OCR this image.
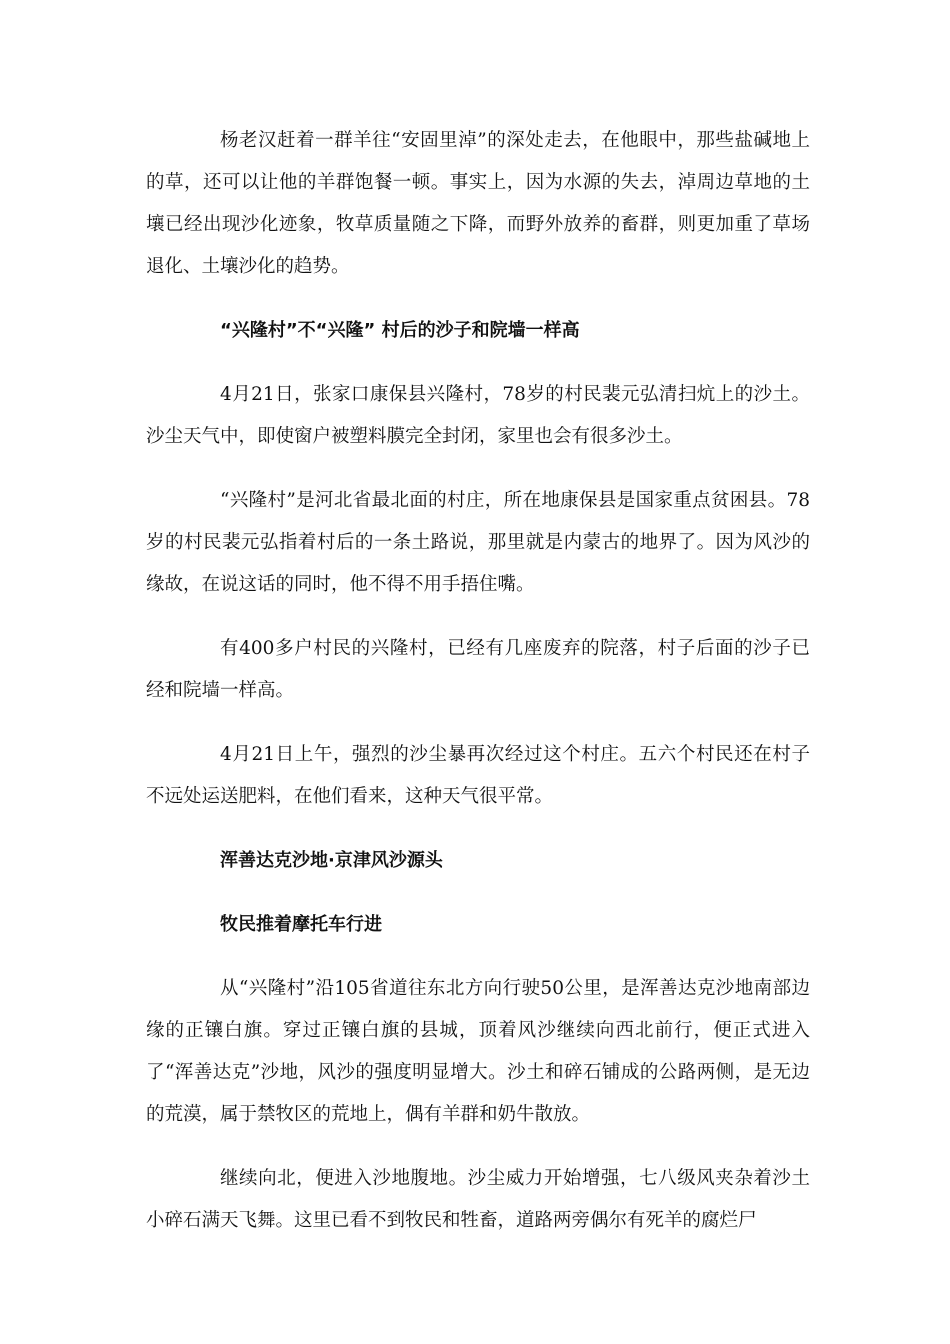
杨老汉赶着一群羊往“安固里淖”的深处走去，在他眼中，那些盐碱地上的草，还可以让他的羊群饱餐一顿。事实上，因为水源的失去，淖周边草地的土壤已经出现沙化迹象，牧草质量随之下降，而野外放养的畜群，则更加重了草场退化、土壤沙化的趋势。

“兴隆村”不“兴隆” 村后的沙子和院墙一样高

4月21日，张家口康保县兴隆村，78岁的村民裴元弘清扫炕上的沙土。沙尘天气中，即使窗户被塑料膜完全封闭，家里也会有很多沙土。

“兴隆村”是河北省最北面的村庄，所在地康保县是国家重点贫困县。78岁的村民裴元弘指着村后的一条土路说，那里就是内蒙古的地界了。因为风沙的缘故，在说这话的同时，他不得不用手捂住嘴。

有400多户村民的兴隆村，已经有几座废弃的院落，村子后面的沙子已经和院墙一样高。

4月21日上午，强烈的沙尘暴再次经过这个村庄。五六个村民还在村子不远处运送肥料，在他们看来，这种天气很平常。

浑善达克沙地·京津风沙源头
牧民推着摩托车行进

从“兴隆村”沿105省道往东北方向行驶50公里，是浑善达克沙地南部边缘的正镶白旗。穿过正镶白旗的县城，顶着风沙继续向西北前行，便正式进入了“浑善达克”沙地，风沙的强度明显增大。沙土和碎石铺成的公路两侧，是无边的荒漠，属于禁牧区的荒地上，偶有羊群和奶牛散放。

继续向北，便进入沙地腹地。沙尘威力开始增强，七八级风夹杂着沙土小碎石满天飞舞。这里已看不到牧民和牲畜，道路两旁偶尔有死羊的腐烂尸
